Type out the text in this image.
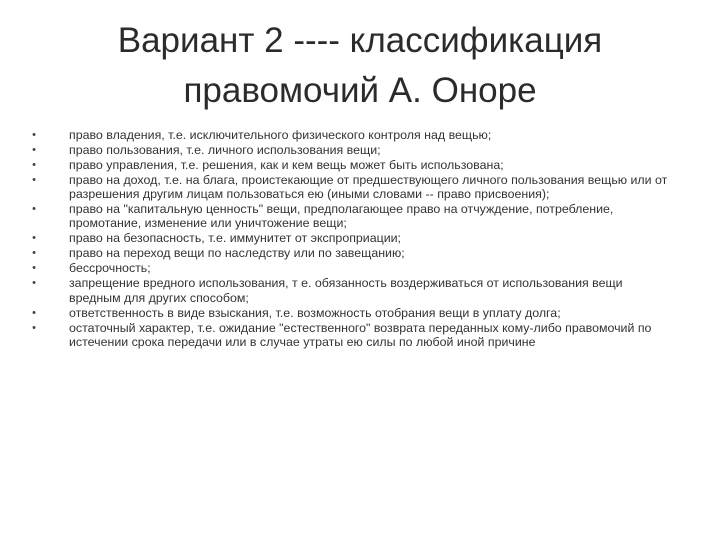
Вариант 2 ---- классификация
правомочий А. Оноре
•	право владения, т.е. исключительного физического контроля над вещью;
•	право пользования, т.е. личного использования вещи;
•	право управления, т.е. решения, как и кем вещь может быть использована;
•	право на доход, т.е. на блага, проистекающие от предшествующего личного пользования вещью или от разрешения другим лицам пользоваться ею (иными словами -- право присвоения);
•	право на "капитальную ценность" вещи, предполагающее право на отчуждение, потребление, промотание, изменение или уничтожение вещи;
•	право на безопасность, т.е. иммунитет от экспроприации;
•	право на переход вещи по наследству или по завещанию;
•	бессрочность;
•	запрещение вредного использования, т е. обязанность воздерживаться от использования вещи вредным для других способом;
•	ответственность в виде взыскания, т.е. возможность отобрания вещи в уплату долга;
•	остаточный характер, т.е. ожидание "естественного" возврата переданных кому-либо правомочий по истечении срока передачи или в случае утраты ею силы по любой иной причине
